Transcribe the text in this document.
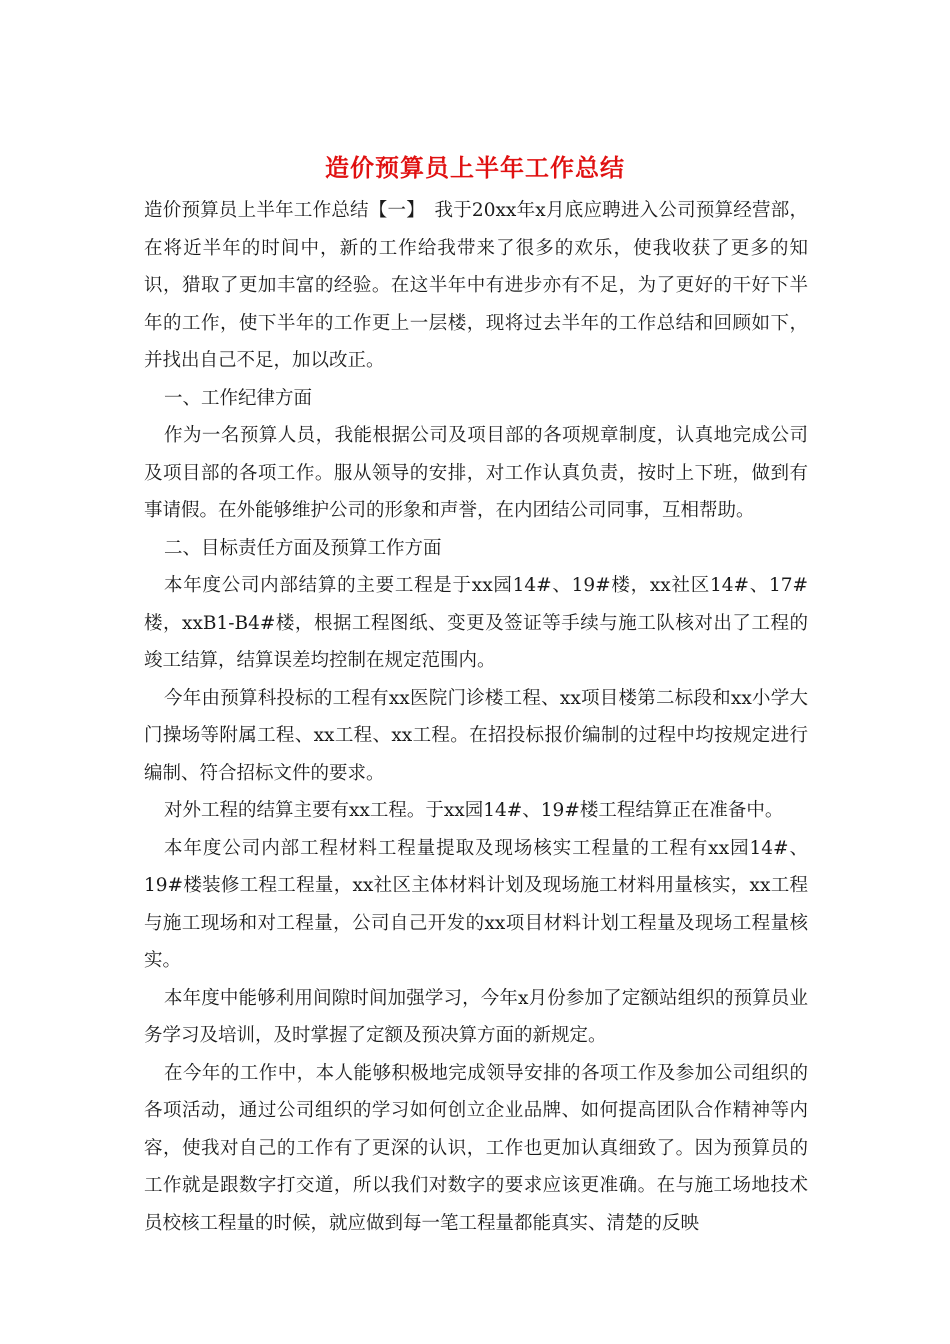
造价预算员上半年工作总结

造价预算员上半年工作总结【一】　我于20xx年x月底应聘进入公司预算经营部，在将近半年的时间中，新的工作给我带来了很多的欢乐，使我收获了更多的知识，猎取了更加丰富的经验。在这半年中有进步亦有不足，为了更好的干好下半年的工作，使下半年的工作更上一层楼，现将过去半年的工作总结和回顾如下，并找出自己不足，加以改正。

一、工作纪律方面

作为一名预算人员，我能根据公司及项目部的各项规章制度，认真地完成公司及项目部的各项工作。服从领导的安排，对工作认真负责，按时上下班，做到有事请假。在外能够维护公司的形象和声誉，在内团结公司同事，互相帮助。

二、目标责任方面及预算工作方面

本年度公司内部结算的主要工程是于xx园14#、19#楼，xx社区14#、17#楼，xxB1-B4#楼，根据工程图纸、变更及签证等手续与施工队核对出了工程的竣工结算，结算误差均控制在规定范围内。

今年由预算科投标的工程有xx医院门诊楼工程、xx项目楼第二标段和xx小学大门操场等附属工程、xx工程、xx工程。在招投标报价编制的过程中均按规定进行编制、符合招标文件的要求。

对外工程的结算主要有xx工程。于xx园14#、19#楼工程结算正在准备中。

本年度公司内部工程材料工程量提取及现场核实工程量的工程有xx园14#、19#楼装修工程工程量，xx社区主体材料计划及现场施工材料用量核实，xx工程与施工现场和对工程量，公司自己开发的xx项目材料计划工程量及现场工程量核实。

本年度中能够利用间隙时间加强学习，今年x月份参加了定额站组织的预算员业务学习及培训，及时掌握了定额及预决算方面的新规定。

在今年的工作中，本人能够积极地完成领导安排的各项工作及参加公司组织的各项活动，通过公司组织的学习如何创立企业品牌、如何提高团队合作精神等内容，使我对自己的工作有了更深的认识，工作也更加认真细致了。因为预算员的工作就是跟数字打交道，所以我们对数字的要求应该更准确。在与施工场地技术员校核工程量的时候，就应做到每一笔工程量都能真实、清楚的反映
